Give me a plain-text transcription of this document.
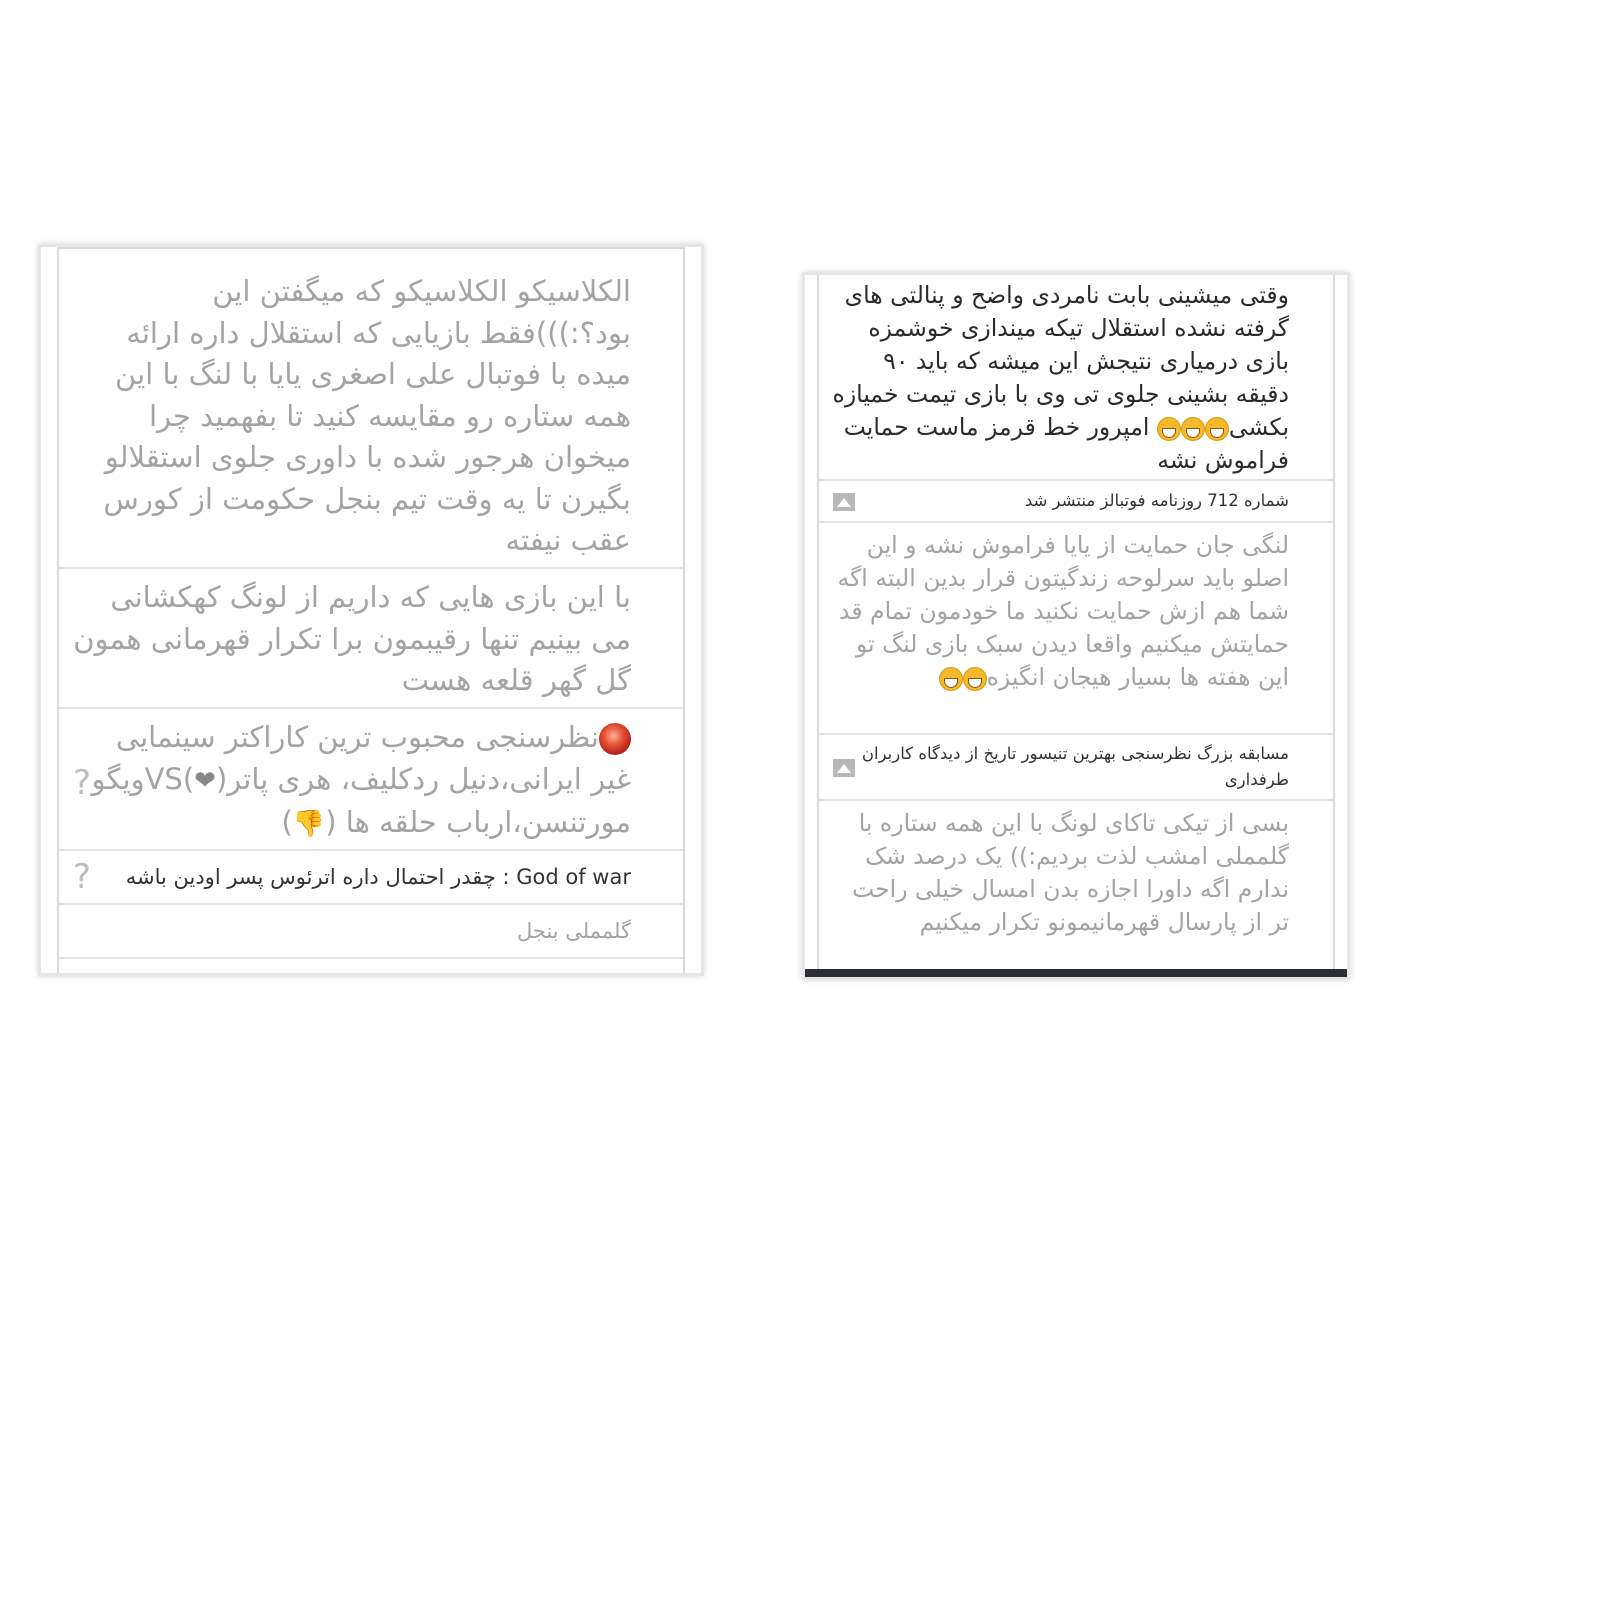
الکلاسیکو الکلاسیکو که میگفتن این بود؟:)))فقط بازیایی که استقلال داره ارائه میده با فوتبال علی اصغری یایا با لنگ با این همه ستاره رو مقایسه کنید تا بفهمید چرا میخوان هرجور شده با داوری جلوی استقلالو بگیرن تا یه وقت تیم بنجل حکومت از کورس عقب نیفته
با این بازی هایی که داریم از لونگ کهکشانی می بینیم تنها رقیبمون برا تکرار قهرمانی همون گل گهر قلعه هست
نظرسنجی محبوب ترین کاراکتر سینمایی غیر ایرانی،دنیل ردکلیف، هری پاتر(❤)VSویگو مورتنسن،ارباب حلقه ها (👎)
?
God of war : چقدر احتمال داره اترئوس پسر اودین باشه
?
گلمملی بنجل
وقتی میشینی بابت نامردی واضح و پنالتی های گرفته نشده استقلال تیکه میندازی خوشمزه بازی درمیاری نتیجش این میشه که باید ۹۰ دقیقه بشینی جلوی تی وی با بازی تیمت خمیازه بکشی امپرور خط قرمز ماست حمایت فراموش نشه
شماره 712 روزنامه فوتبالز منتشر شد
لنگی جان حمایت از یایا فراموش نشه و این اصلو باید سرلوحه زندگیتون قرار بدین البته اگه شما هم ازش حمایت نکنید ما خودمون تمام قد حمایتش میکنیم واقعا دیدن سبک بازی لنگ تو این هفته ها بسیار هیجان انگیزه
مسابقه بزرگ نظرسنجی بهترین تنیسور تاریخ از دیدگاه کاربران طرفداری
بسی از تیکی تاکای لونگ با این همه ستاره با گلمملی امشب لذت بردیم:)) یک درصد شک ندارم اگه داورا اجازه بدن امسال خیلی راحت تر از پارسال قهرمانیمونو تکرار میکنیم
